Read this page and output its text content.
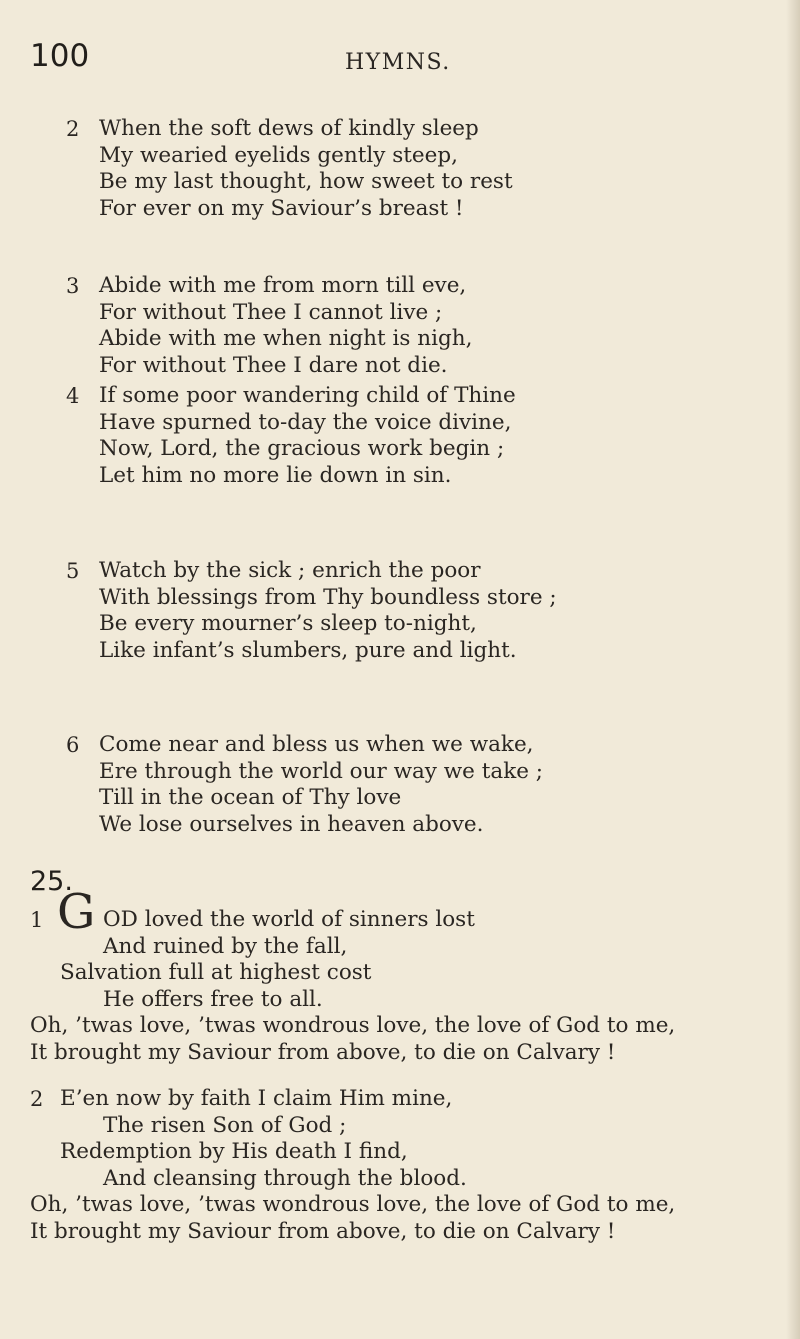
100	HYMNS.
2 When the soft dews of kindly sleep
My wearied eyelids gently steep,
Be my last thought, how sweet to rest
For ever on my Saviour’s breast !
3 Abide with me from morn till eve,
For without Thee I cannot live ;
Abide with me when night is nigh,
For without Thee I dare not die.
4 If some poor wandering child of Thine
Have spurned to-day the voice divine,
Now, Lord, the gracious work begin ;
Let him no more lie down in sin.
5 Watch by the sick ; enrich the poor
With blessings from Thy boundless store ;
Be every mourner’s sleep to-night,
Like infant’s slumbers, pure and light.
6 Come near and bless us when we wake,
Ere through the world our way we take ;
Till in the ocean of Thy love
We lose ourselves in heaven above.
25.
1 G OD loved the world of sinners lost
And ruined by the fall,
Salvation full at highest cost
He offers free to all.
Oh, ’twas love, ’twas wondrous love, the love of God to me,
It brought my Saviour from above, to die on Calvary !
2 E’en now by faith I claim Him mine,
The risen Son of God ;
Redemption by His death I find,
And cleansing through the blood.
Oh, ’twas love, ’twas wondrous love, the love of God to me,
It brought my Saviour from above, to die on Calvary !
